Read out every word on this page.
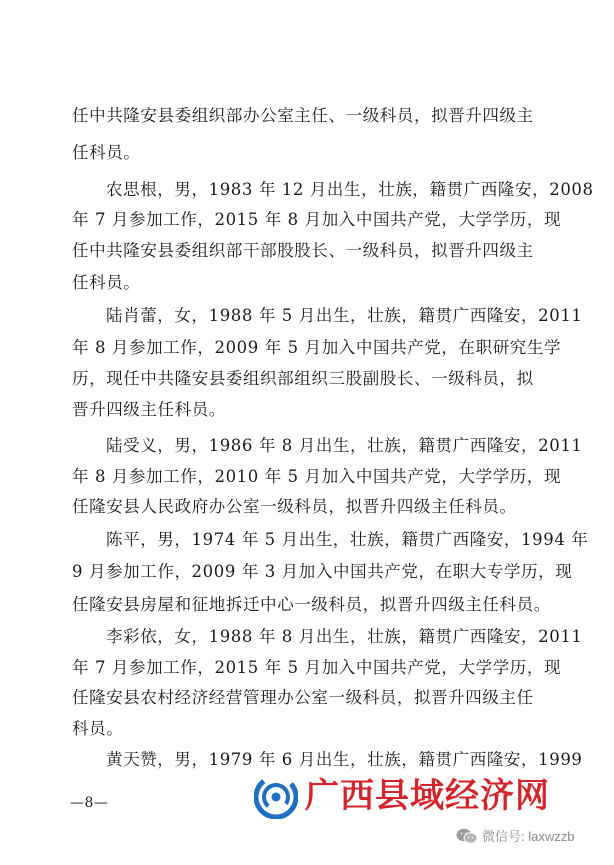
任中共隆安县委组织部办公室主任、一级科员，拟晋升四级主
任科员。
农思根，男，1983 年 12 月出生，壮族，籍贯广西隆安，2008
年 7 月参加工作，2015 年 8 月加入中国共产党，大学学历，现
任中共隆安县委组织部干部股股长、一级科员，拟晋升四级主
任科员。
陆肖蕾，女，1988 年 5 月出生，壮族，籍贯广西隆安，2011
年 8 月参加工作，2009 年 5 月加入中国共产党，在职研究生学
历，现任中共隆安县委组织部组织三股副股长、一级科员，拟
晋升四级主任科员。
陆受义，男，1986 年 8 月出生，壮族，籍贯广西隆安，2011
年 8 月参加工作，2010 年 5 月加入中国共产党，大学学历，现
任隆安县人民政府办公室一级科员，拟晋升四级主任科员。
陈平，男，1974 年 5 月出生，壮族，籍贯广西隆安，1994 年
9 月参加工作，2009 年 3 月加入中国共产党，在职大专学历，现
任隆安县房屋和征地拆迁中心一级科员，拟晋升四级主任科员。
李彩依，女，1988 年 8 月出生，壮族，籍贯广西隆安，2011
年 7 月参加工作，2015 年 5 月加入中国共产党，大学学历，现
任隆安县农村经济经营管理办公室一级科员，拟晋升四级主任
科员。
黄天赞，男，1979 年 6 月出生，壮族，籍贯广西隆安，1999
—8—	广西县域经济网
微信号: laxwzzb
